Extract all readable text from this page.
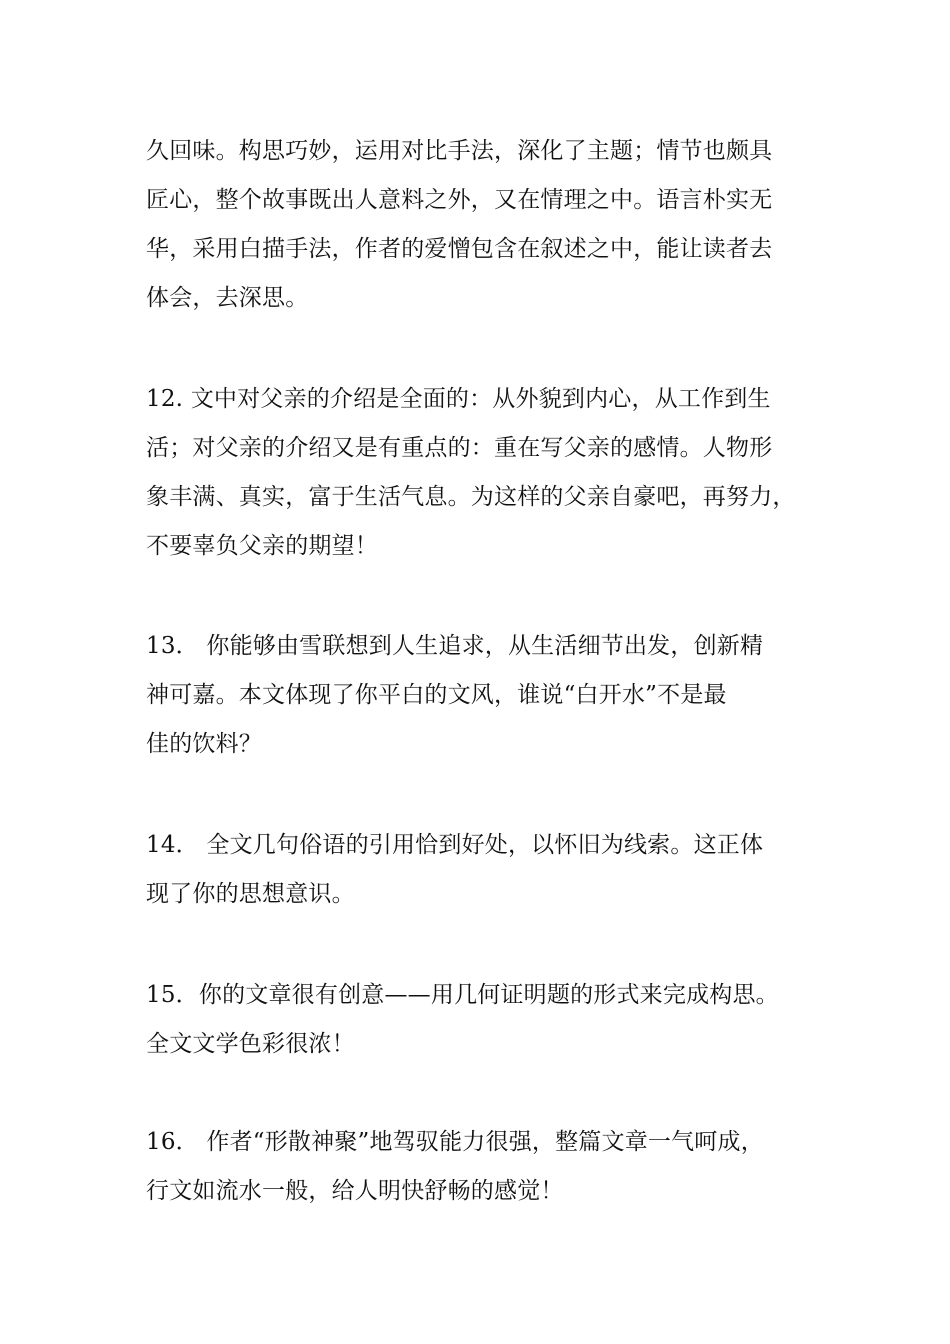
久回味。构思巧妙，运用对比手法，深化了主题；情节也颇具
匠心，整个故事既出人意料之外，又在情理之中。语言朴实无
华，采用白描手法，作者的爱憎包含在叙述之中，能让读者去
体会，去深思。
12. 文中对父亲的介绍是全面的：从外貌到内心，从工作到生
活；对父亲的介绍又是有重点的：重在写父亲的感情。人物形
象丰满、真实，富于生活气息。为这样的父亲自豪吧，再努力，
不要辜负父亲的期望！
13． 你能够由雪联想到人生追求，从生活细节出发，创新精
神可嘉。本文体现了你平白的文风，谁说“白开水”不是最
佳的饮料？
14． 全文几句俗语的引用恰到好处，以怀旧为线索。这正体
现了你的思想意识。
15．你的文章很有创意——用几何证明题的形式来完成构思。
全文文学色彩很浓！
16． 作者“形散神聚”地驾驭能力很强，整篇文章一气呵成，
行文如流水一般，给人明快舒畅的感觉！
